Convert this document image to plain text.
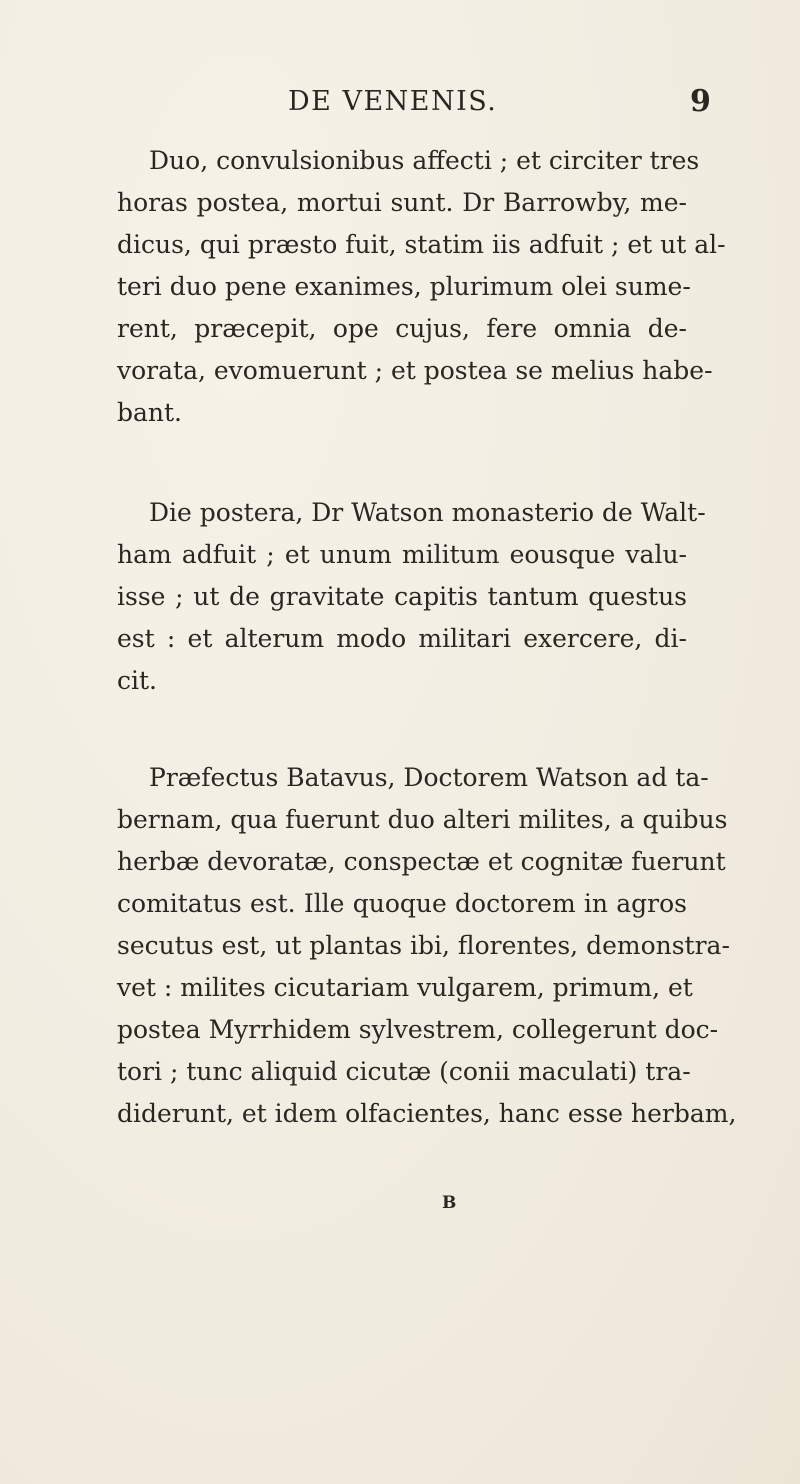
DE VENENIS.	9
Duo, convulsionibus affecti ; et circiter tres
horas postea, mortui sunt. Dr Barrowby, me-
dicus, qui præsto fuit, statim iis adfuit ; et ut al-
teri duo pene exanimes, plurimum olei sume-
rent, præcepit, ope cujus, fere omnia de-
vorata, evomuerunt ; et postea se melius habe-
bant.
Die postera, Dr Watson monasterio de Walt-
ham adfuit ; et unum militum eousque valu-
isse ; ut de gravitate capitis tantum questus
est : et alterum modo militari exercere, di-
cit.
Præfectus Batavus, Doctorem Watson ad ta-
bernam, qua fuerunt duo alteri milites, a quibus
herbæ devoratæ, conspectæ et cognitæ fuerunt
comitatus est. Ille quoque doctorem in agros
secutus est, ut plantas ibi, florentes, demonstra-
vet : milites cicutariam vulgarem, primum, et
postea Myrrhidem sylvestrem, collegerunt doc-
tori ; tunc aliquid cicutæ (conii maculati) tra-
diderunt, et idem olfacientes, hanc esse herbam,
B
